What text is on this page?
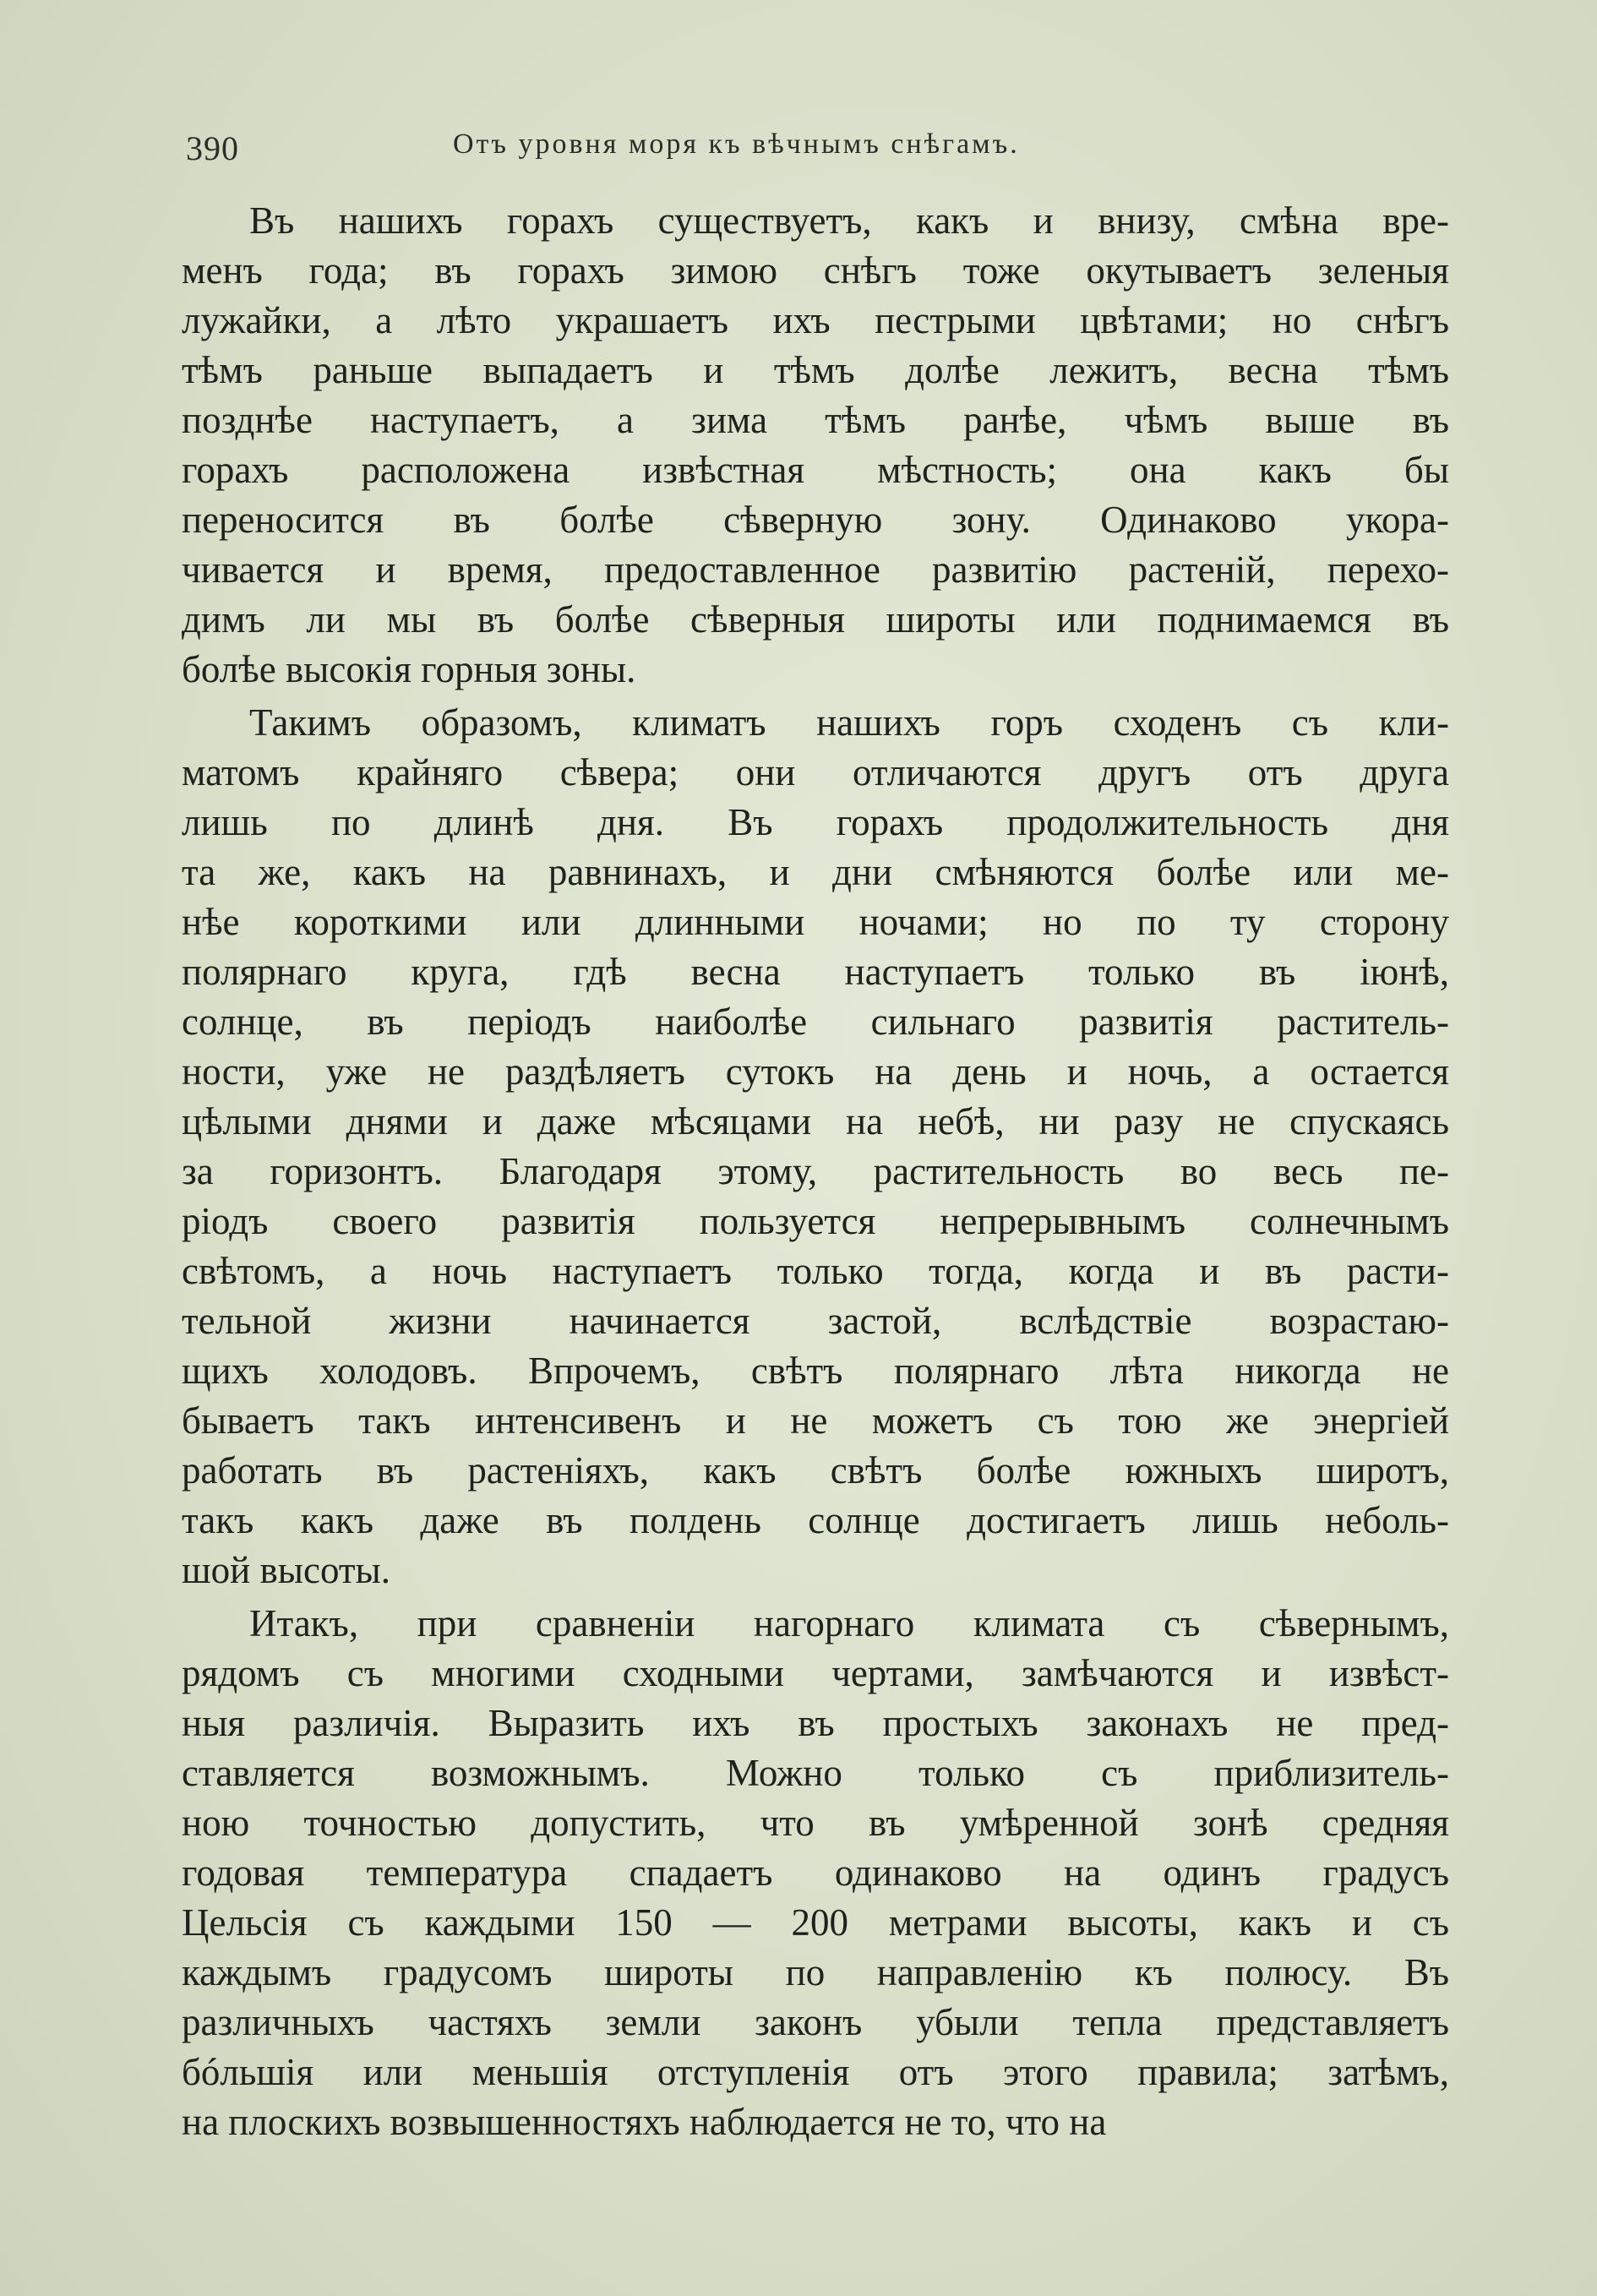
390	Отъ уровня моря къ вѣчнымъ снѣгамъ.
Въ нашихъ горахъ существуетъ, какъ и внизу, смѣна вре-
менъ года; въ горахъ зимою снѣгъ тоже окутываетъ зеленыя
лужайки, а лѣто украшаетъ ихъ пестрыми цвѣтами; но снѣгъ
тѣмъ раньше выпадаетъ и тѣмъ долѣе лежитъ, весна тѣмъ
позднѣе наступаетъ, а зима тѣмъ ранѣе, чѣмъ выше въ
горахъ расположена извѣстная мѣстность; она какъ бы
переносится въ болѣе сѣверную зону. Одинаково укора-
чивается и время, предоставленное развитію растеній, перехо-
димъ ли мы въ болѣе сѣверныя широты или поднимаемся въ
болѣе высокія горныя зоны.
Такимъ образомъ, климатъ нашихъ горъ сходенъ съ кли-
матомъ крайняго сѣвера; они отличаются другъ отъ друга
лишь по длинѣ дня. Въ горахъ продолжительность дня
та же, какъ на равнинахъ, и дни смѣняются болѣе или ме-
нѣе короткими или длинными ночами; но по ту сторону
полярнаго круга, гдѣ весна наступаетъ только въ іюнѣ,
солнце, въ періодъ наиболѣе сильнаго развитія раститель-
ности, уже не раздѣляетъ сутокъ на день и ночь, а остается
цѣлыми днями и даже мѣсяцами на небѣ, ни разу не спускаясь
за горизонтъ. Благодаря этому, растительность во весь пе-
ріодъ своего развитія пользуется непрерывнымъ солнечнымъ
свѣтомъ, а ночь наступаетъ только тогда, когда и въ расти-
тельной жизни начинается застой, вслѣдствіе возрастаю-
щихъ холодовъ. Впрочемъ, свѣтъ полярнаго лѣта никогда не
бываетъ такъ интенсивенъ и не можетъ съ тою же энергіей
работать въ растеніяхъ, какъ свѣтъ болѣе южныхъ широтъ,
такъ какъ даже въ полдень солнце достигаетъ лишь неболь-
шой высоты.
Итакъ, при сравненіи нагорнаго климата съ сѣвернымъ,
рядомъ съ многими сходными чертами, замѣчаются и извѣст-
ныя различія. Выразить ихъ въ простыхъ законахъ не пред-
ставляется возможнымъ. Можно только съ приблизитель-
ною точностью допустить, что въ умѣренной зонѣ средняя
годовая температура спадаетъ одинаково на одинъ градусъ
Цельсія съ каждыми 150 — 200 метрами высоты, какъ и съ
каждымъ градусомъ широты по направленію къ полюсу. Въ
различныхъ частяхъ земли законъ убыли тепла представляетъ
бóльшія или меньшія отступленія отъ этого правила; затѣмъ,
на плоскихъ возвышенностяхъ наблюдается не то, что на
